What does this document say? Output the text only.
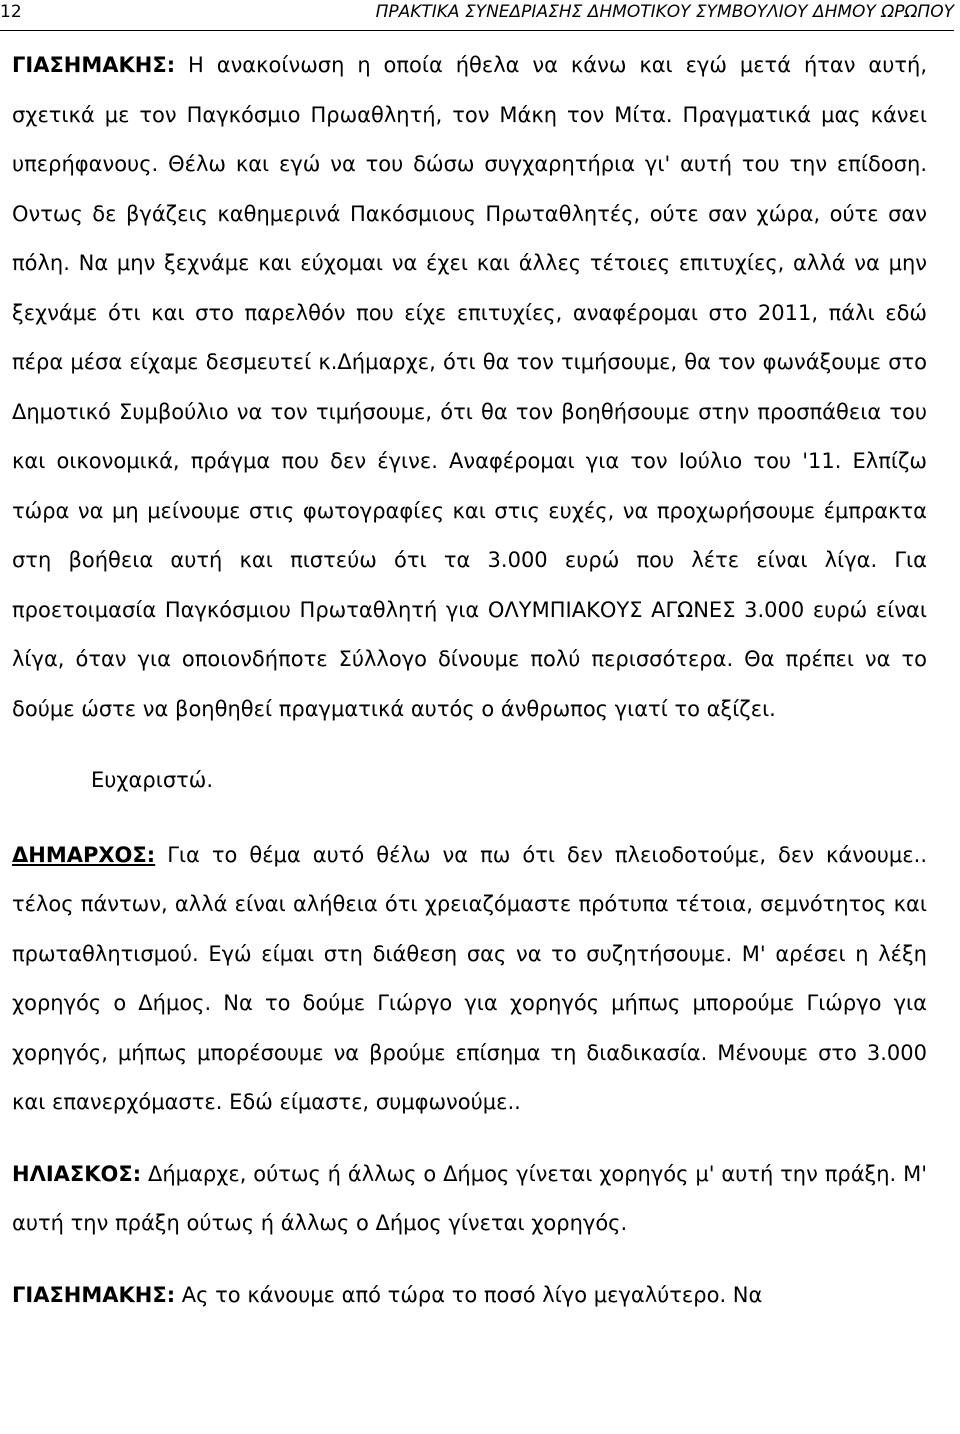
12	ΠΡΑΚΤΙΚΑ ΣΥΝΕΔΡΙΑΣΗΣ ΔΗΜΟΤΙΚΟΥ ΣΥΜΒΟΥΛΙΟΥ ΔΗΜΟΥ ΩΡΩΠΟΥ

ΓΙΑΣΗΜΑΚΗΣ: Η ανακοίνωση η οποία ήθελα να κάνω και εγώ μετά ήταν αυτή, σχετικά με τον Παγκόσμιο Πρωαθλητή, τον Μάκη τον Μίτα. Πραγματικά μας κάνει υπερήφανους. Θέλω και εγώ να του δώσω συγχαρητήρια γι' αυτή του την επίδοση. Οντως δε βγάζεις καθημερινά Πακόσμιους Πρωταθλητές, ούτε σαν χώρα, ούτε σαν πόλη. Να μην ξεχνάμε και εύχομαι να έχει και άλλες τέτοιες επιτυχίες, αλλά να μην ξεχνάμε ότι και στο παρελθόν που είχε επιτυχίες, αναφέρομαι στο 2011, πάλι εδώ πέρα μέσα είχαμε δεσμευτεί κ.Δήμαρχε, ότι θα τον τιμήσουμε, θα τον φωνάξουμε στο Δημοτικό Συμβούλιο να τον τιμήσουμε, ότι θα τον βοηθήσουμε στην προσπάθεια του και οικονομικά, πράγμα που δεν έγινε. Αναφέρομαι για τον Ιούλιο του '11. Ελπίζω τώρα να μη μείνουμε στις φωτογραφίες και στις ευχές, να προχωρήσουμε έμπρακτα στη βοήθεια αυτή και πιστεύω ότι τα 3.000 ευρώ που λέτε είναι λίγα. Για προετοιμασία Παγκόσμιου Πρωταθλητή για ΟΛΥΜΠΙΑΚΟΥΣ ΑΓΩΝΕΣ 3.000 ευρώ είναι λίγα, όταν για οποιονδήποτε Σύλλογο δίνουμε πολύ περισσότερα. Θα πρέπει να το δούμε ώστε να βοηθηθεί πραγματικά αυτός ο άνθρωπος γιατί το αξίζει.

Ευχαριστώ.

ΔΗΜΑΡΧΟΣ: Για το θέμα αυτό θέλω να πω ότι δεν πλειοδοτούμε, δεν κάνουμε.. τέλος πάντων, αλλά είναι αλήθεια ότι χρειαζόμαστε πρότυπα τέτοια, σεμνότητος και πρωταθλητισμού. Εγώ είμαι στη διάθεση σας να το συζητήσουμε. Μ' αρέσει η λέξη χορηγός ο Δήμος. Να το δούμε Γιώργο για χορηγός μήπως μπορούμε Γιώργο για χορηγός, μήπως μπορέσουμε να βρούμε επίσημα τη διαδικασία. Μένουμε στο 3.000 και επανερχόμαστε. Εδώ είμαστε, συμφωνούμε..

ΗΛΙΑΣΚΟΣ: Δήμαρχε, ούτως ή άλλως ο Δήμος γίνεται χορηγός μ' αυτή την πράξη. Μ' αυτή την πράξη ούτως ή άλλως ο Δήμος γίνεται χορηγός.

ΓΙΑΣΗΜΑΚΗΣ: Ας το κάνουμε από τώρα το ποσό λίγο μεγαλύτερο. Να
